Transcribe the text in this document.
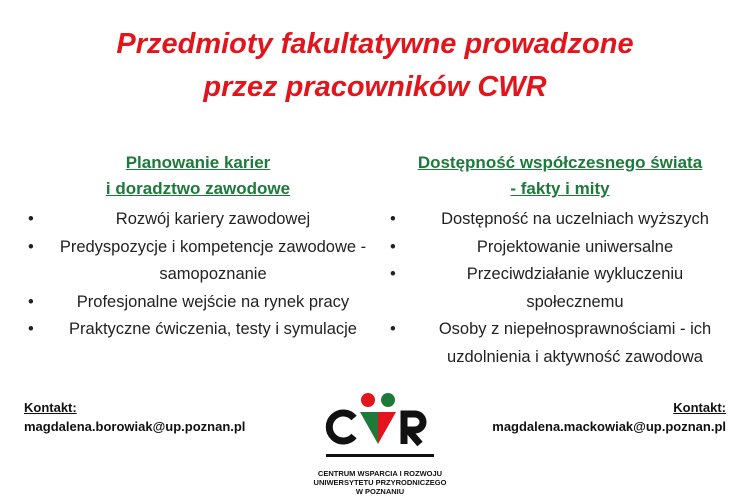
Przedmioty fakultatywne prowadzone
przez pracowników CWR
Planowanie karier
i doradztwo zawodowe
•	Rozwój kariery zawodowej
• Predyspozycje i kompetencje zawodowe - samopoznanie
•	Profesjonalne wejście na rynek pracy
•	Praktyczne ćwiczenia, testy i symulacje
Dostępność współczesnego świata
- fakty i mity
•	Dostępność na uczelniach wyższych
•	Projektowanie uniwersalne
•	Przeciwdziałanie wykluczeniu społecznemu
•	Osoby z niepełnosprawnościami - ich uzdolnienia i aktywność zawodowa
Kontakt:
magdalena.borowiak@up.poznan.pl
Kontakt:
magdalena.mackowiak@up.poznan.pl
CENTRUM WSPARCIA I ROZWOJU
UNIWERSYTETU PRZYRODNICZEGO
W POZNANIU
